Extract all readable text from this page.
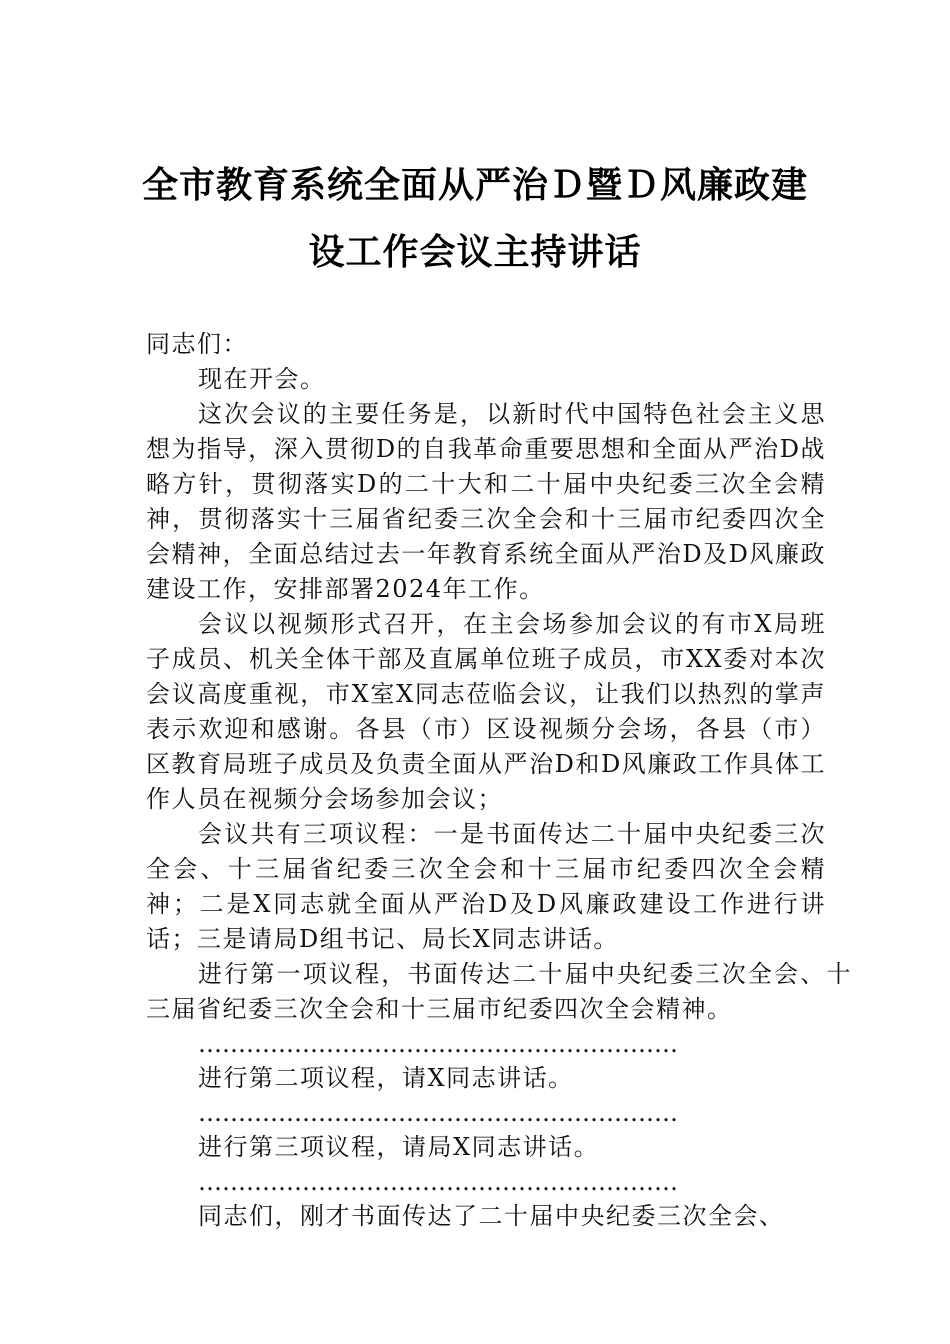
全市教育系统全面从严治Ｄ暨Ｄ风廉政建
设工作会议主持讲话

同志们：

现在开会。

这次会议的主要任务是，以新时代中国特色社会主义思想为指导，深入贯彻D的自我革命重要思想和全面从严治D战略方针，贯彻落实D的二十大和二十届中央纪委三次全会精神，贯彻落实十三届省纪委三次全会和十三届市纪委四次全会精神，全面总结过去一年教育系统全面从严治D及D风廉政建设工作，安排部署2024年工作。

会议以视频形式召开，在主会场参加会议的有市X局班子成员、机关全体干部及直属单位班子成员，市XX委对本次会议高度重视，市X室X同志莅临会议，让我们以热烈的掌声表示欢迎和感谢。各县（市）区设视频分会场，各县（市）区教育局班子成员及负责全面从严治D和D风廉政工作具体工作人员在视频分会场参加会议；

会议共有三项议程：一是书面传达二十届中央纪委三次全会、十三届省纪委三次全会和十三届市纪委四次全会精神；二是X同志就全面从严治D及D风廉政建设工作进行讲话；三是请局D组书记、局长X同志讲话。

进行第一项议程，书面传达二十届中央纪委三次全会、十三届省纪委三次全会和十三届市纪委四次全会精神。

……………………………………………………

进行第二项议程，请X同志讲话。

……………………………………………………

进行第三项议程，请局X同志讲话。

……………………………………………………

同志们，刚才书面传达了二十届中央纪委三次全会、
